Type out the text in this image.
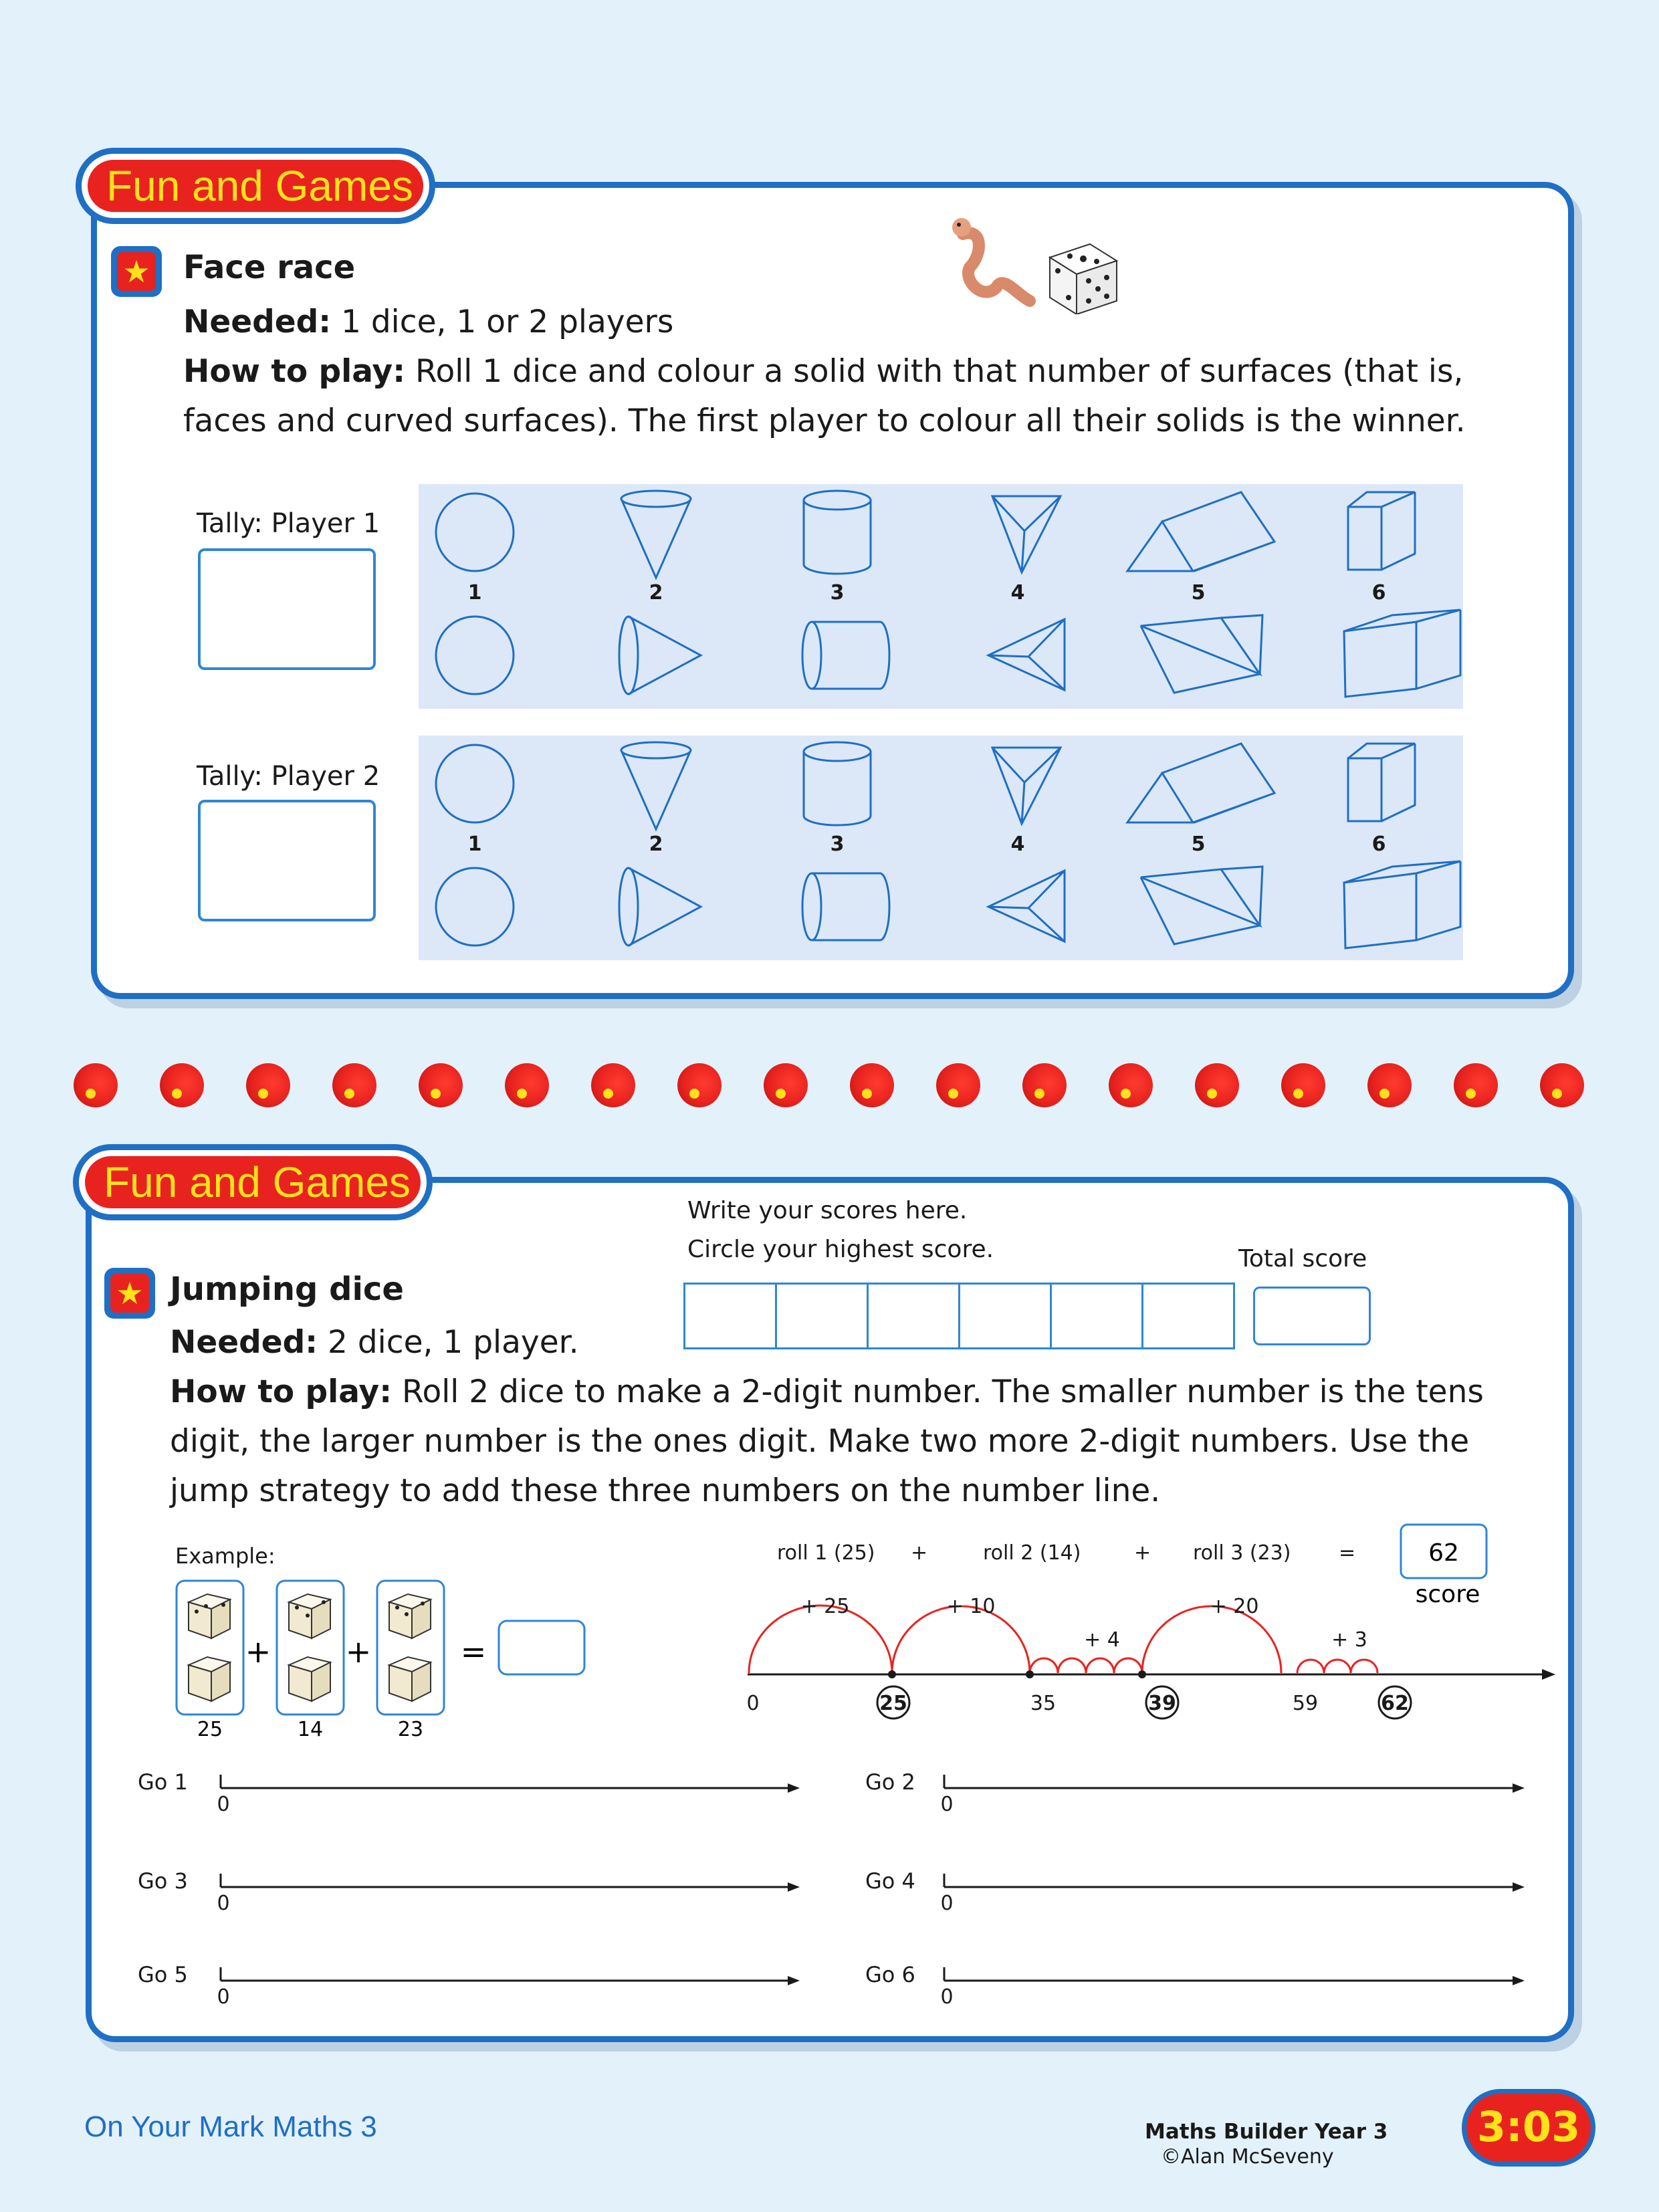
Fun and Games
★ Face race
Needed: 1 dice, 1 or 2 players
How to play: Roll 1 dice and colour a solid with that number of surfaces (that is,
faces and curved surfaces). The first player to colour all their solids is the winner.
Tally: Player 1
1	2	3	4	5	6
Tally: Player 2
1	2	3	4	5	6
Fun and Games
Write your scores here.
Circle your highest score.	Total score
★ Jumping dice
Needed: 2 dice, 1 player.
How to play: Roll 2 dice to make a 2-digit number. The smaller number is the tens
digit, the larger number is the ones digit. Make two more 2-digit numbers. Use the
jump strategy to add these three numbers on the number line.
Example:
+ +	=
25	14	23
roll 1 (25) +	roll 2 (14)	+ roll 3 (23) =	62
score
+ 25	+ 10
+ 4
+ 20
+ 3
0	25	35	39	59	62
Go 1	Go 2
Go 3	Go 4
Go 5	Go 6
0	0
0	0
0	0
On Your Mark Maths 3	Maths Builder Year 3
©Alan McSeveny
3:03
